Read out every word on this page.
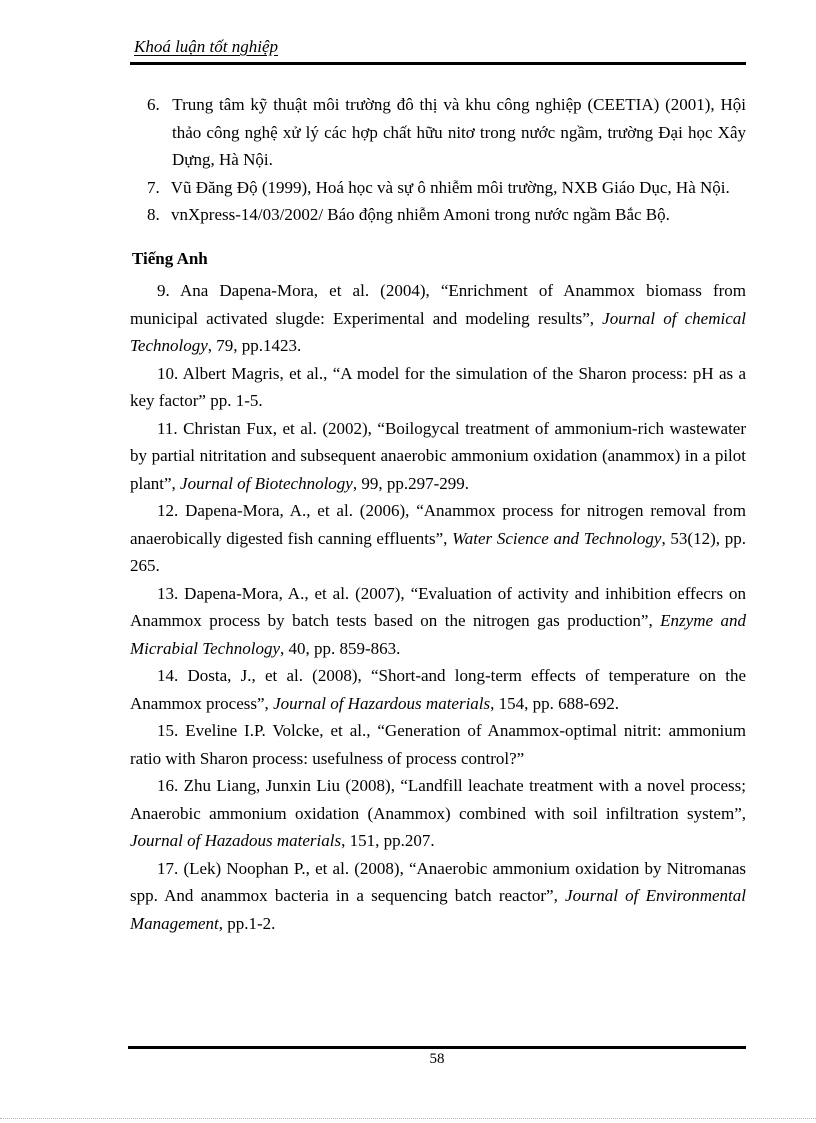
Khoá luận tốt nghiệp

6. Trung tâm kỹ thuật môi trường đô thị và khu công nghiệp (CEETIA) (2001), Hội thảo công nghệ xử lý các hợp chất hữu nitơ trong nước ngầm, trường Đại học Xây Dựng, Hà Nội.

7. Vũ Đăng Độ (1999), Hoá học và sự ô nhiễm môi trường, NXB Giáo Dục, Hà Nội.

8. vnXpress-14/03/2002/ Báo động nhiễm Amoni trong nước ngầm Bắc Bộ.

Tiếng Anh

9. Ana Dapena-Mora, et al. (2004), “Enrichment of Anammox biomass from municipal activated slugde: Experimental and modeling results”, Journal of chemical Technology, 79, pp.1423.

10. Albert Magris, et al., “A model for the simulation of the Sharon process: pH as a key factor” pp. 1-5.

11. Christan Fux, et al. (2002), “Boilogycal treatment of ammonium-rich wastewater by partial nitritation and subsequent anaerobic ammonium oxidation (anammox) in a pilot plant”, Journal of Biotechnology, 99, pp.297-299.

12. Dapena-Mora, A., et al. (2006), “Anammox process for nitrogen removal from anaerobically digested fish canning effluents”, Water Science and Technology, 53(12), pp. 265.

13. Dapena-Mora, A., et al. (2007), “Evaluation of activity and inhibition effecrs on Anammox process by batch tests based on the nitrogen gas production”, Enzyme and Micrabial Technology, 40, pp. 859-863.

14. Dosta, J., et al. (2008), “Short-and long-term effects of temperature on the Anammox process”, Journal of Hazardous materials, 154, pp. 688-692.

15. Eveline I.P. Volcke, et al., “Generation of Anammox-optimal nitrit: ammonium ratio with Sharon process: usefulness of process control?”

16. Zhu Liang, Junxin Liu (2008), “Landfill leachate treatment with a novel process; Anaerobic ammonium oxidation (Anammox) combined with soil infiltration system”, Journal of Hazadous materials, 151, pp.207.

17. (Lek) Noophan P., et al. (2008), “Anaerobic ammonium oxidation by Nitromanas spp. And anammox bacteria in a sequencing batch reactor”, Journal of Environmental Management, pp.1-2.

58
